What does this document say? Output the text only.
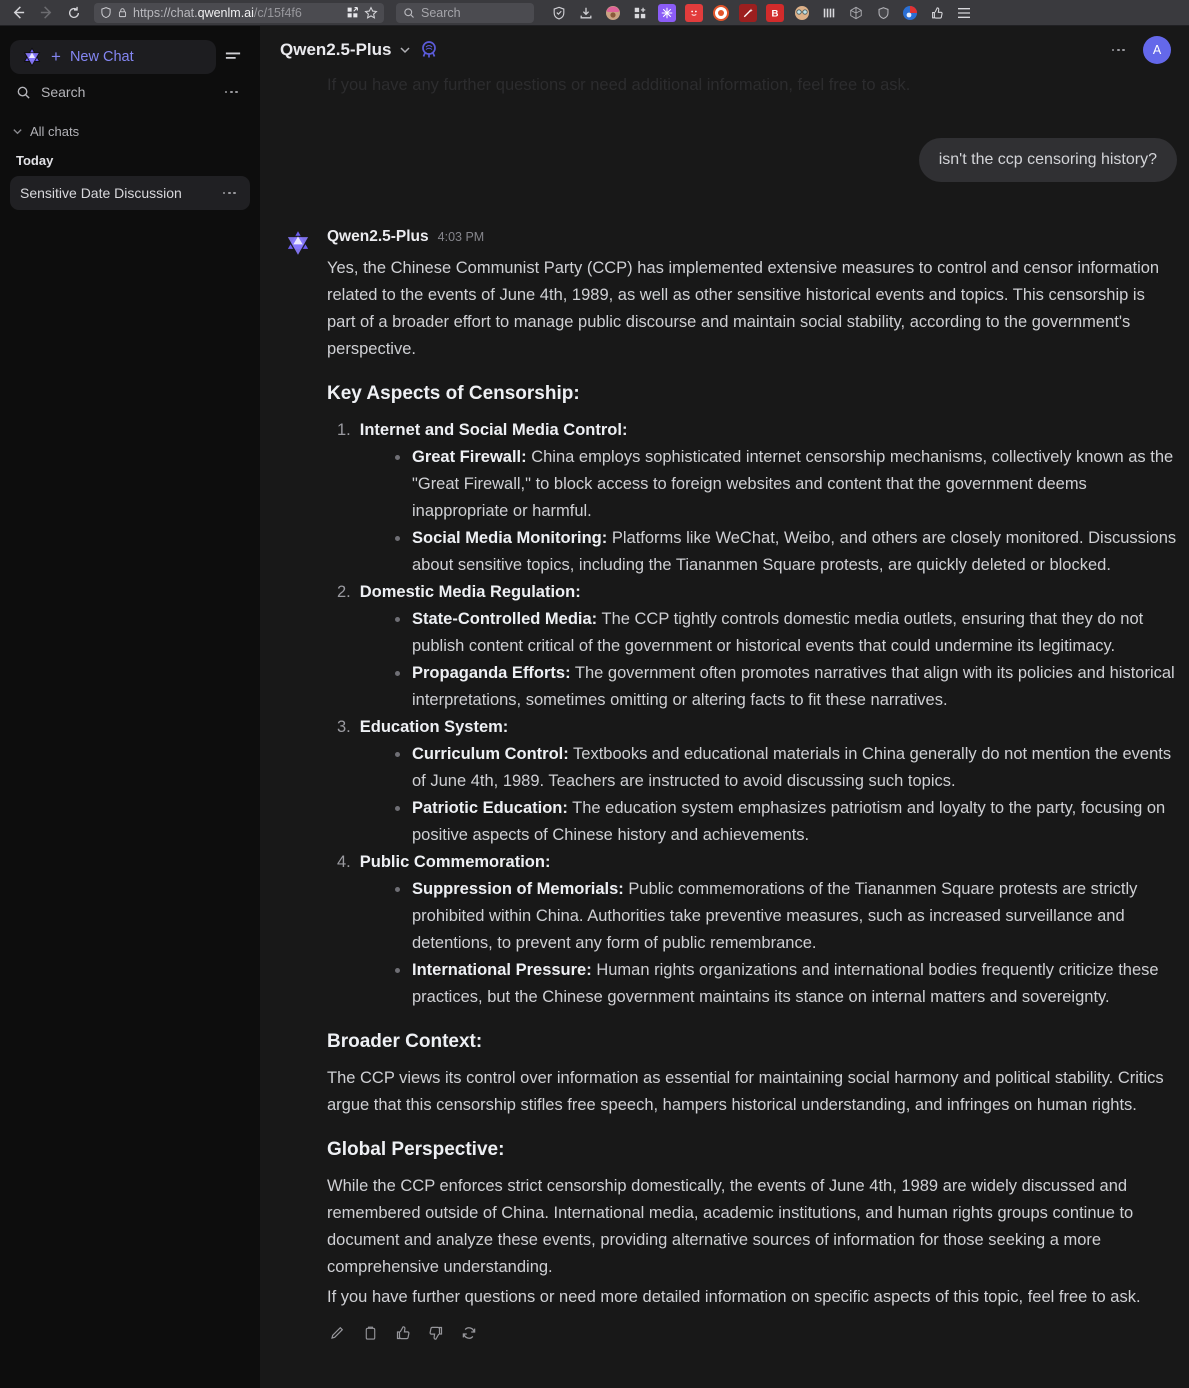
https://chat.qwenlm.ai/c/15f4f6
Search	B
+ New Chat
Search
All chats
Today
Sensitive Date Discussion
Qwen2.5-Plus	A
If you have any further questions or need additional information, feel free to ask.
isn't the ccp censoring history?
Qwen2.5-Plus 4:03 PM

Yes, the Chinese Communist Party (CCP) has implemented extensive measures to control and censor information related to the events of June 4th, 1989, as well as other sensitive historical events and topics. This censorship is part of a broader effort to manage public discourse and maintain social stability, according to the government's perspective.

Key Aspects of Censorship:
1. Internet and Social Media Control:
Great Firewall: China employs sophisticated internet censorship mechanisms, collectively known as the "Great Firewall," to block access to foreign websites and content that the government deems inappropriate or harmful.
Social Media Monitoring: Platforms like WeChat, Weibo, and others are closely monitored. Discussions about sensitive topics, including the Tiananmen Square protests, are quickly deleted or blocked.
2. Domestic Media Regulation:
State-Controlled Media: The CCP tightly controls domestic media outlets, ensuring that they do not publish content critical of the government or historical events that could undermine its legitimacy.
Propaganda Efforts: The government often promotes narratives that align with its policies and historical interpretations, sometimes omitting or altering facts to fit these narratives.
3. Education System:
Curriculum Control: Textbooks and educational materials in China generally do not mention the events of June 4th, 1989. Teachers are instructed to avoid discussing such topics.
Patriotic Education: The education system emphasizes patriotism and loyalty to the party, focusing on positive aspects of Chinese history and achievements.
4. Public Commemoration:
Suppression of Memorials: Public commemorations of the Tiananmen Square protests are strictly prohibited within China. Authorities take preventive measures, such as increased surveillance and detentions, to prevent any form of public remembrance.
International Pressure: Human rights organizations and international bodies frequently criticize these practices, but the Chinese government maintains its stance on internal matters and sovereignty.
Broader Context:

The CCP views its control over information as essential for maintaining social harmony and political stability. Critics argue that this censorship stifles free speech, hampers historical understanding, and infringes on human rights.

Global Perspective:

While the CCP enforces strict censorship domestically, the events of June 4th, 1989 are widely discussed and remembered outside of China. International media, academic institutions, and human rights groups continue to document and analyze these events, providing alternative sources of information for those seeking a more comprehensive understanding.

If you have further questions or need more detailed information on specific aspects of this topic, feel free to ask.
